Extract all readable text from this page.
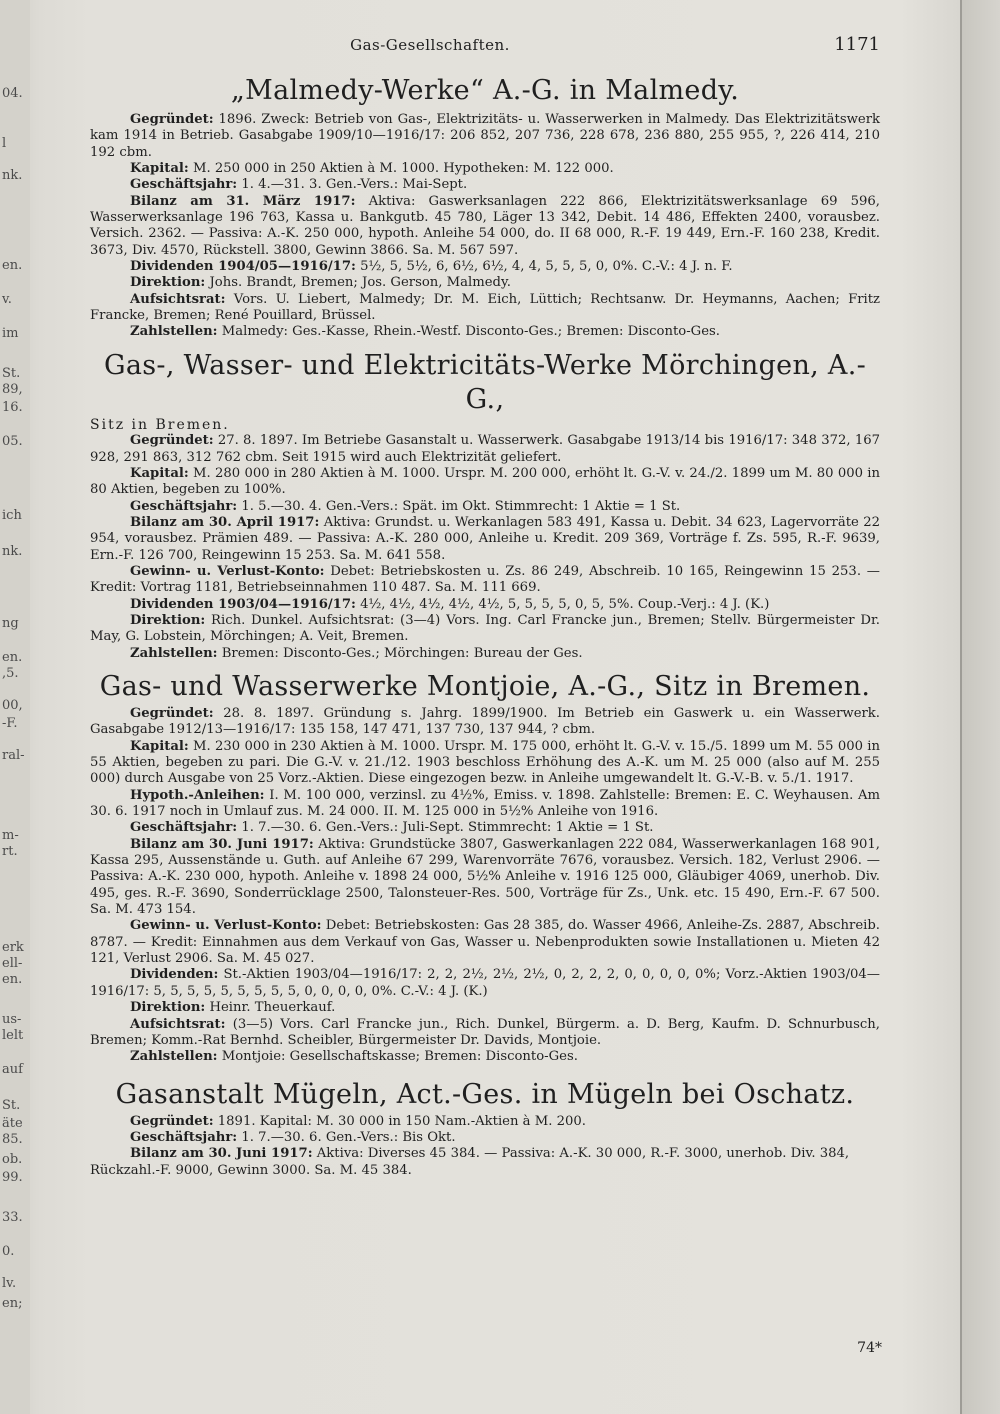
04.
l
nk.
en.
v.
im
St.
89,
16.
05.
ich
nk.
ng
en.
,5.
00,
-F.
ral-
m-
rt.
erk
ell-
en.
us-
lelt
auf
St.
äte
85.
ob.
99.
33.
0.
lv.
en;
Gas-Gesellschaften.	1171
„Malmedy-Werke“ A.-G. in Malmedy.

Gegründet: 1896. Zweck: Betrieb von Gas-, Elektrizitäts- u. Wasserwerken in Malmedy. Das Elektrizitätswerk kam 1914 in Betrieb. Gasabgabe 1909/10—1916/17: 206 852, 207 736, 228 678, 236 880, 255 955, ?, 226 414, 210 192 cbm.

Kapital: M. 250 000 in 250 Aktien à M. 1000. Hypotheken: M. 122 000.

Geschäftsjahr: 1. 4.—31. 3. Gen.-Vers.: Mai-Sept.

Bilanz am 31. März 1917: Aktiva: Gaswerksanlagen 222 866, Elektrizitätswerksanlage 69 596, Wasserwerksanlage 196 763, Kassa u. Bankgutb. 45 780, Läger 13 342, Debit. 14 486, Effekten 2400, vorausbez. Versich. 2362. — Passiva: A.-K. 250 000, hypoth. Anleihe 54 000, do. II 68 000, R.-F. 19 449, Ern.-F. 160 238, Kredit. 3673, Div. 4570, Rückstell. 3800, Gewinn 3866. Sa. M. 567 597.

Dividenden 1904/05—1916/17: 5½, 5, 5½, 6, 6½, 6½, 4, 4, 5, 5, 5, 0, 0%. C.-V.: 4 J. n. F.

Direktion: Johs. Brandt, Bremen; Jos. Gerson, Malmedy.

Aufsichtsrat: Vors. U. Liebert, Malmedy; Dr. M. Eich, Lüttich; Rechtsanw. Dr. Heymanns, Aachen; Fritz Francke, Bremen; René Pouillard, Brüssel.

Zahlstellen: Malmedy: Ges.-Kasse, Rhein.-Westf. Disconto-Ges.; Bremen: Disconto-Ges.

Gas-, Wasser- und Elektricitäts-Werke Mörchingen, A.-G.,

Sitz in Bremen.

Gegründet: 27. 8. 1897. Im Betriebe Gasanstalt u. Wasserwerk. Gasabgabe 1913/14 bis 1916/17: 348 372, 167 928, 291 863, 312 762 cbm. Seit 1915 wird auch Elektrizität geliefert.

Kapital: M. 280 000 in 280 Aktien à M. 1000. Urspr. M. 200 000, erhöht lt. G.-V. v. 24./2. 1899 um M. 80 000 in 80 Aktien, begeben zu 100%.

Geschäftsjahr: 1. 5.—30. 4. Gen.-Vers.: Spät. im Okt. Stimmrecht: 1 Aktie = 1 St.

Bilanz am 30. April 1917: Aktiva: Grundst. u. Werkanlagen 583 491, Kassa u. Debit. 34 623, Lagervorräte 22 954, vorausbez. Prämien 489. — Passiva: A.-K. 280 000, Anleihe u. Kredit. 209 369, Vorträge f. Zs. 595, R.-F. 9639, Ern.-F. 126 700, Reingewinn 15 253. Sa. M. 641 558.

Gewinn- u. Verlust-Konto: Debet: Betriebskosten u. Zs. 86 249, Abschreib. 10 165, Reingewinn 15 253. — Kredit: Vortrag 1181, Betriebseinnahmen 110 487. Sa. M. 111 669.

Dividenden 1903/04—1916/17: 4½, 4½, 4½, 4½, 4½, 5, 5, 5, 5, 0, 5, 5%. Coup.-Verj.: 4 J. (K.)

Direktion: Rich. Dunkel. Aufsichtsrat: (3—4) Vors. Ing. Carl Francke jun., Bremen; Stellv. Bürgermeister Dr. May, G. Lobstein, Mörchingen; A. Veit, Bremen.

Zahlstellen: Bremen: Disconto-Ges.; Mörchingen: Bureau der Ges.

Gas- und Wasserwerke Montjoie, A.-G., Sitz in Bremen.

Gegründet: 28. 8. 1897. Gründung s. Jahrg. 1899/1900. Im Betrieb ein Gaswerk u. ein Wasserwerk. Gasabgabe 1912/13—1916/17: 135 158, 147 471, 137 730, 137 944, ? cbm.

Kapital: M. 230 000 in 230 Aktien à M. 1000. Urspr. M. 175 000, erhöht lt. G.-V. v. 15./5. 1899 um M. 55 000 in 55 Aktien, begeben zu pari. Die G.-V. v. 21./12. 1903 beschloss Erhöhung des A.-K. um M. 25 000 (also auf M. 255 000) durch Ausgabe von 25 Vorz.-Aktien. Diese eingezogen bezw. in Anleihe umgewandelt lt. G.-V.-B. v. 5./1. 1917.

Hypoth.-Anleihen: I. M. 100 000, verzinsl. zu 4½%, Emiss. v. 1898. Zahlstelle: Bremen: E. C. Weyhausen. Am 30. 6. 1917 noch in Umlauf zus. M. 24 000. II. M. 125 000 in 5½% Anleihe von 1916.

Geschäftsjahr: 1. 7.—30. 6. Gen.-Vers.: Juli-Sept. Stimmrecht: 1 Aktie = 1 St.

Bilanz am 30. Juni 1917: Aktiva: Grundstücke 3807, Gaswerkanlagen 222 084, Wasserwerkanlagen 168 901, Kassa 295, Aussenstände u. Guth. auf Anleihe 67 299, Warenvorräte 7676, vorausbez. Versich. 182, Verlust 2906. — Passiva: A.-K. 230 000, hypoth. Anleihe v. 1898 24 000, 5½% Anleihe v. 1916 125 000, Gläubiger 4069, unerhob. Div. 495, ges. R.-F. 3690, Sonderrücklage 2500, Talonsteuer-Res. 500, Vorträge für Zs., Unk. etc. 15 490, Ern.-F. 67 500. Sa. M. 473 154.

Gewinn- u. Verlust-Konto: Debet: Betriebskosten: Gas 28 385, do. Wasser 4966, Anleihe-Zs. 2887, Abschreib. 8787. — Kredit: Einnahmen aus dem Verkauf von Gas, Wasser u. Nebenprodukten sowie Installationen u. Mieten 42 121, Verlust 2906. Sa. M. 45 027.

Dividenden: St.-Aktien 1903/04—1916/17: 2, 2, 2½, 2½, 2½, 0, 2, 2, 2, 0, 0, 0, 0, 0%; Vorz.-Aktien 1903/04—1916/17: 5, 5, 5, 5, 5, 5, 5, 5, 5, 0, 0, 0, 0, 0%. C.-V.: 4 J. (K.)

Direktion: Heinr. Theuerkauf.

Aufsichtsrat: (3—5) Vors. Carl Francke jun., Rich. Dunkel, Bürgerm. a. D. Berg, Kaufm. D. Schnurbusch, Bremen; Komm.-Rat Bernhd. Scheibler, Bürgermeister Dr. Davids, Montjoie.

Zahlstellen: Montjoie: Gesellschaftskasse; Bremen: Disconto-Ges.

Gasanstalt Mügeln, Act.-Ges. in Mügeln bei Oschatz.

Gegründet: 1891. Kapital: M. 30 000 in 150 Nam.-Aktien à M. 200.

Geschäftsjahr: 1. 7.—30. 6. Gen.-Vers.: Bis Okt.

Bilanz am 30. Juni 1917: Aktiva: Diverses 45 384. — Passiva: A.-K. 30 000, R.-F. 3000, unerhob. Div. 384, Rückzahl.-F. 9000, Gewinn 3000. Sa. M. 45 384.

74*
